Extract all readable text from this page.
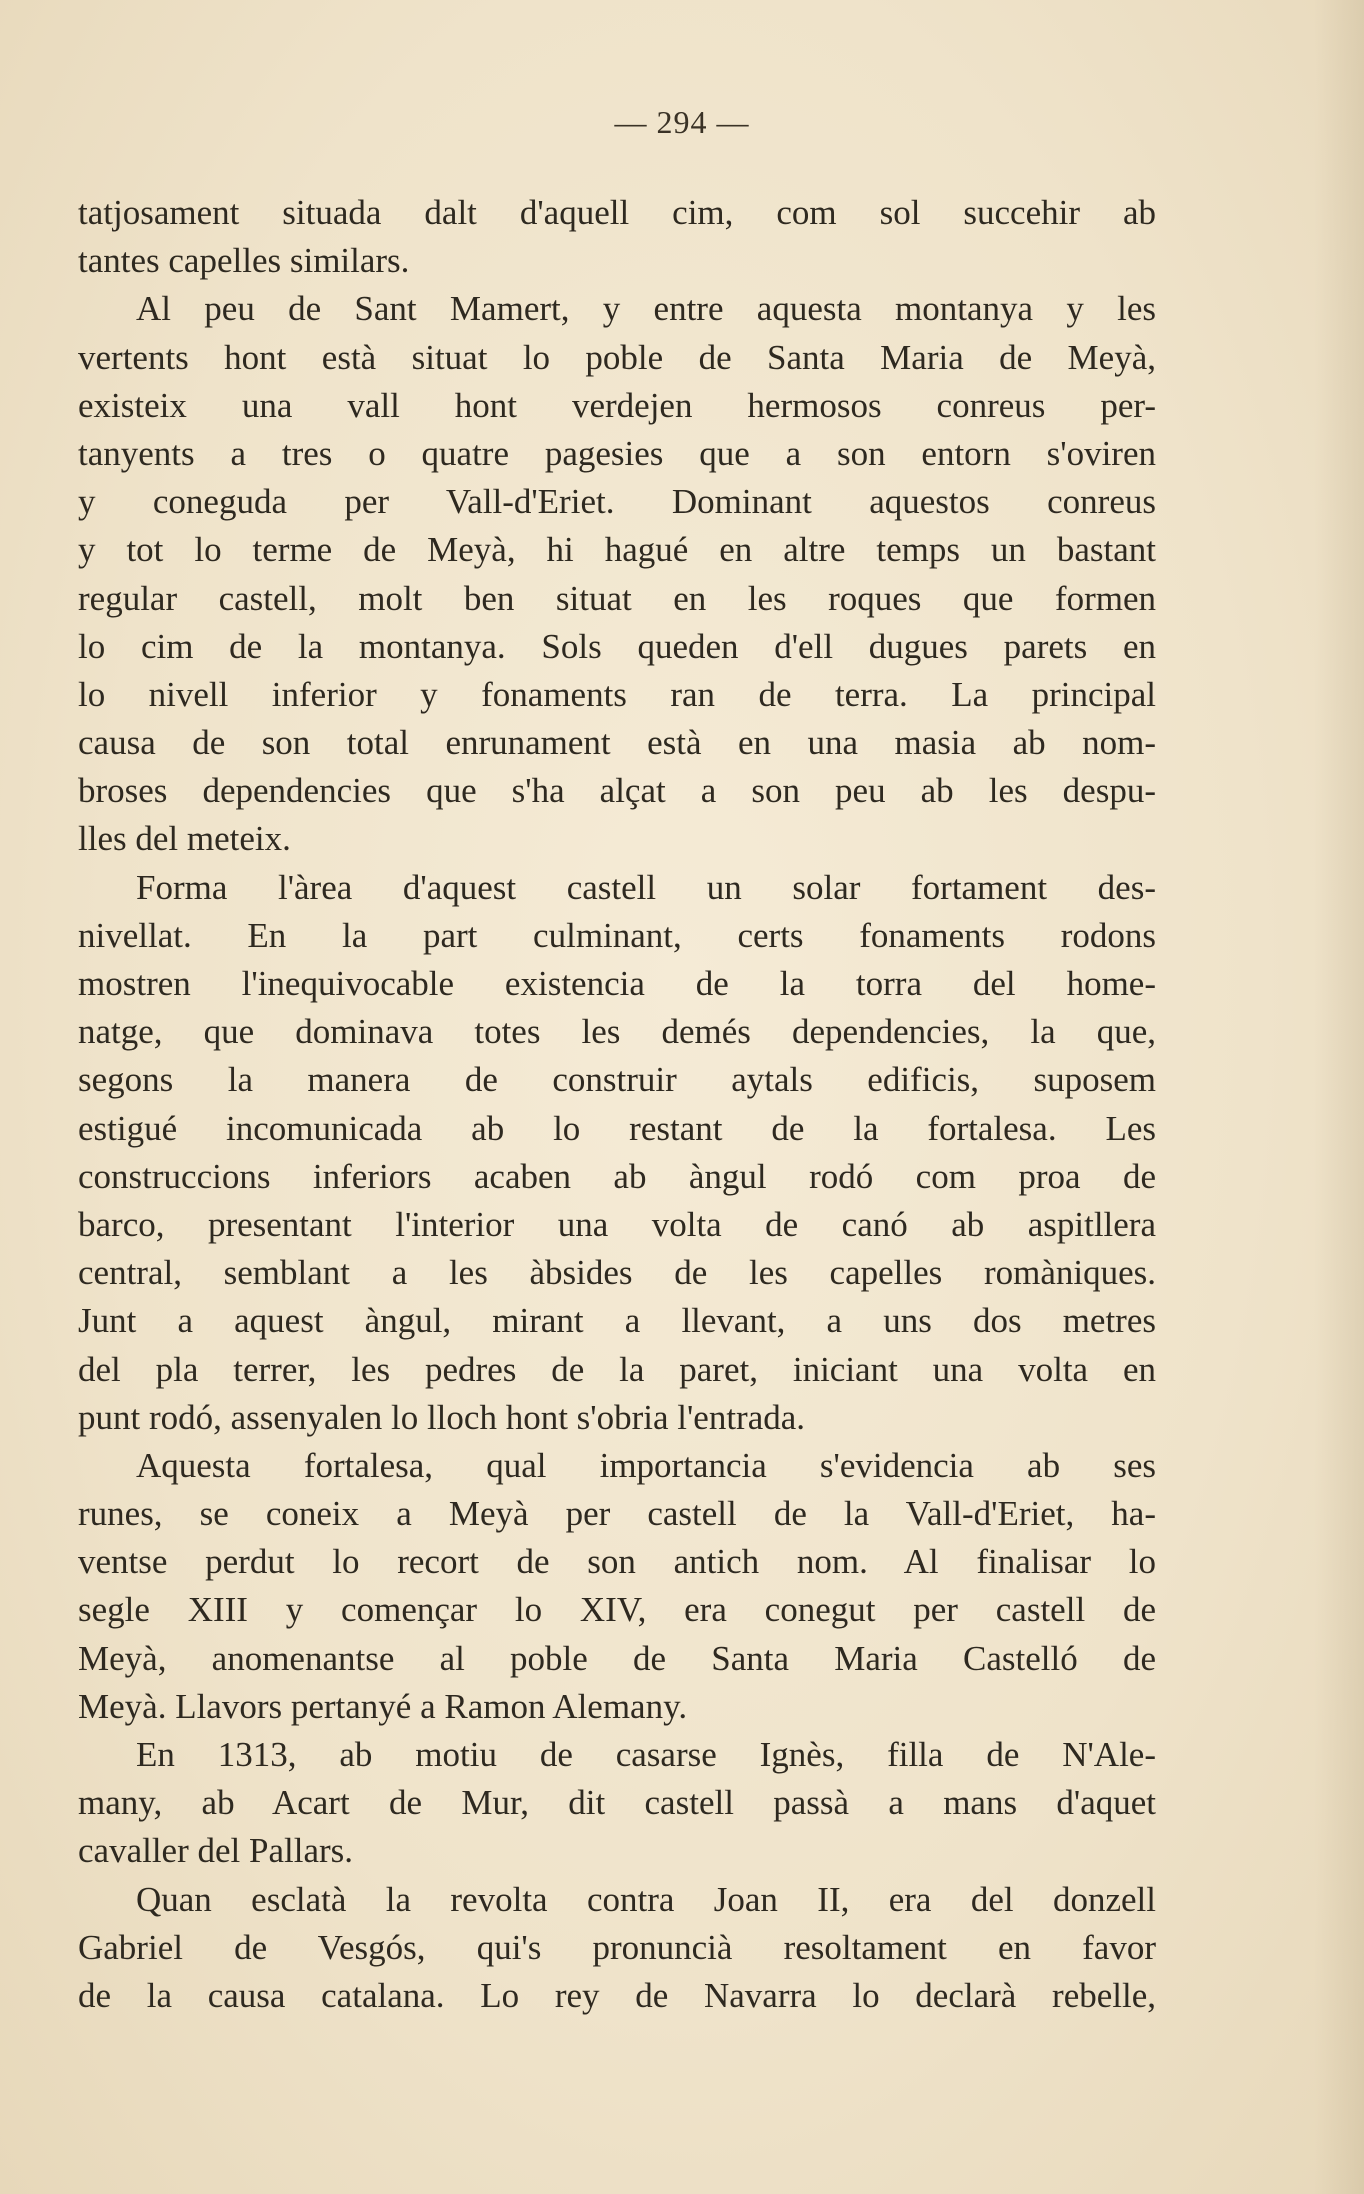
— 294 —
tatjosament situada dalt d'aquell cim, com sol succehir ab
tantes capelles similars.
Al peu de Sant Mamert, y entre aquesta montanya y les
vertents hont està situat lo poble de Santa Maria de Meyà,
existeix una vall hont verdejen hermosos conreus per-
tanyents a tres o quatre pagesies que a son entorn s'oviren
y coneguda per Vall-d'Eriet. Dominant aquestos conreus
y tot lo terme de Meyà, hi hagué en altre temps un bastant
regular castell, molt ben situat en les roques que formen
lo cim de la montanya. Sols queden d'ell dugues parets en
lo nivell inferior y fonaments ran de terra. La principal
causa de son total enrunament està en una masia ab nom-
broses dependencies que s'ha alçat a son peu ab les despu-
lles del meteix.
Forma l'àrea d'aquest castell un solar fortament des-
nivellat. En la part culminant, certs fonaments rodons
mostren l'inequivocable existencia de la torra del home-
natge, que dominava totes les demés dependencies, la que,
segons la manera de construir aytals edificis, suposem
estigué incomunicada ab lo restant de la fortalesa. Les
construccions inferiors acaben ab àngul rodó com proa de
barco, presentant l'interior una volta de canó ab aspitllera
central, semblant a les àbsides de les capelles romàniques.
Junt a aquest àngul, mirant a llevant, a uns dos metres
del pla terrer, les pedres de la paret, iniciant una volta en
punt rodó, assenyalen lo lloch hont s'obria l'entrada.
Aquesta fortalesa, qual importancia s'evidencia ab ses
runes, se coneix a Meyà per castell de la Vall-d'Eriet, ha-
ventse perdut lo recort de son antich nom. Al finalisar lo
segle XIII y començar lo XIV, era conegut per castell de
Meyà, anomenantse al poble de Santa Maria Castelló de
Meyà. Llavors pertanyé a Ramon Alemany.
En 1313, ab motiu de casarse Ignès, filla de N'Ale-
many, ab Acart de Mur, dit castell passà a mans d'aquet
cavaller del Pallars.
Quan esclatà la revolta contra Joan II, era del donzell
Gabriel de Vesgós, qui's pronuncià resoltament en favor
de la causa catalana. Lo rey de Navarra lo declarà rebelle,
